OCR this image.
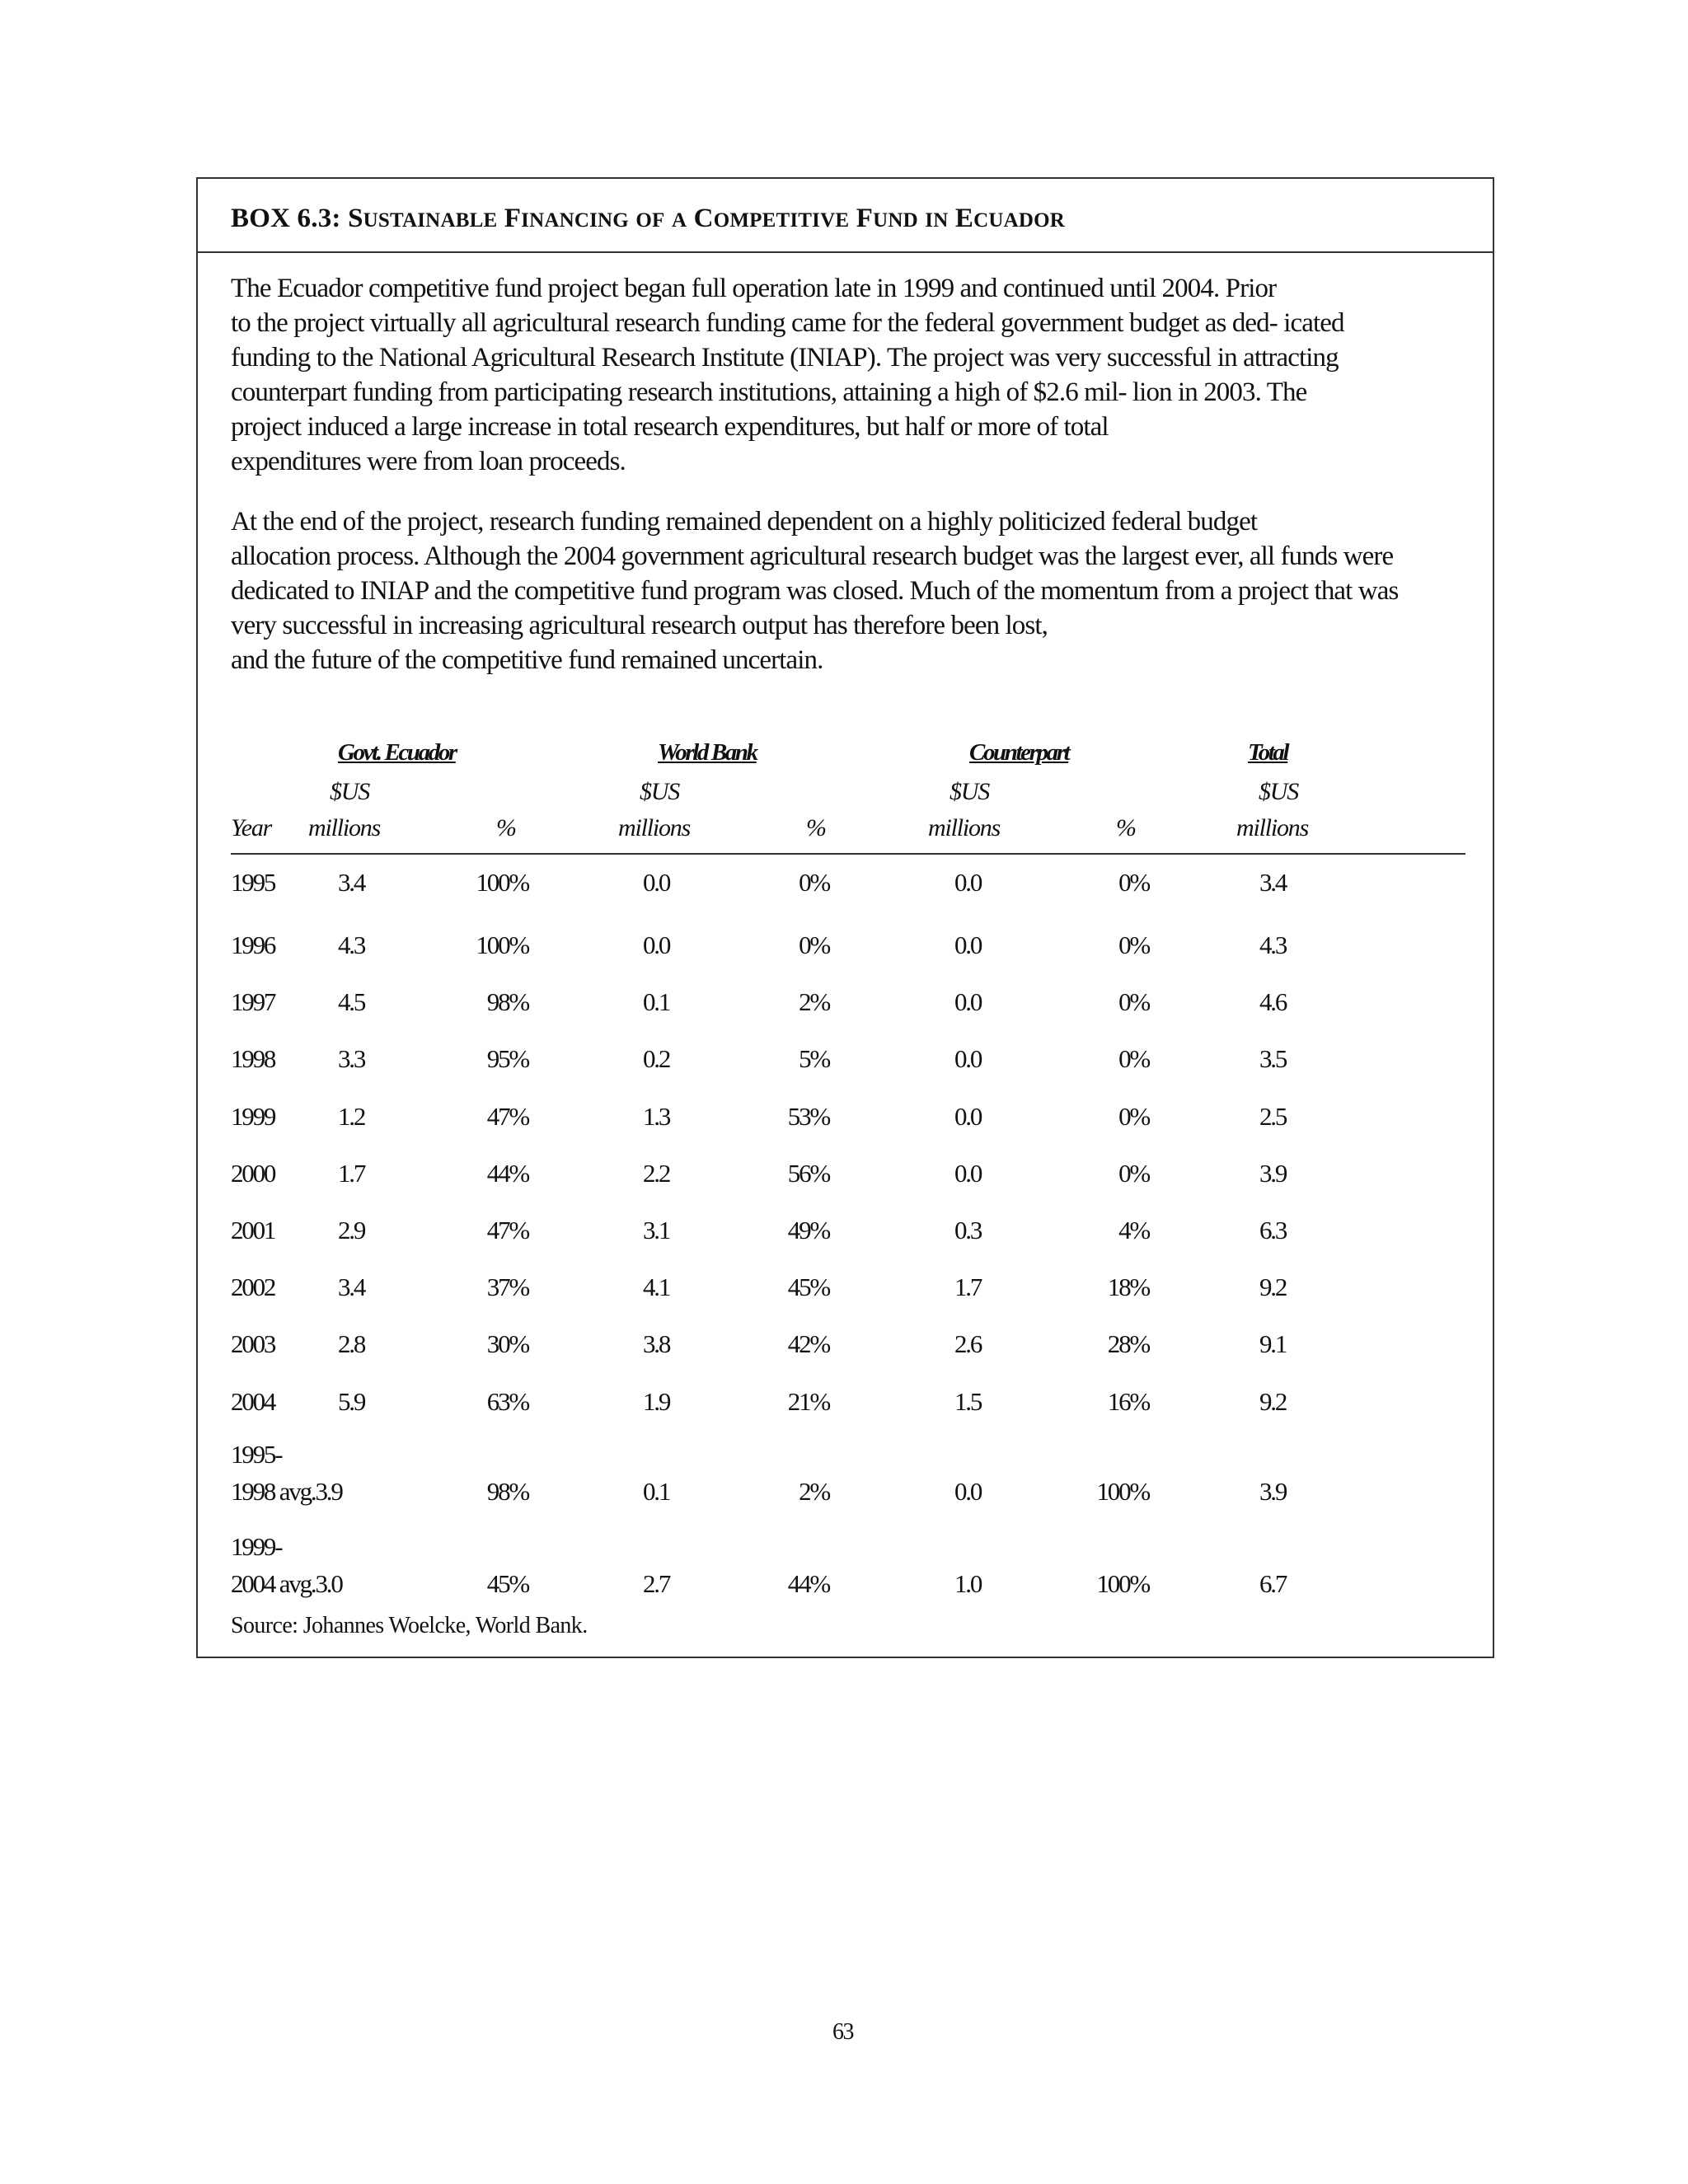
BOX 6.3: SUSTAINABLE FINANCING OF A COMPETITIVE FUND IN ECUADOR
The Ecuador competitive fund project began full operation late in 1999 and continued until 2004. Prior
to the project virtually all agricultural research funding came for the federal government budget as ded- icated
funding to the National Agricultural Research Institute (INIAP). The project was very successful in attracting
counterpart funding from participating research institutions, attaining a high of $2.6 mil- lion in 2003. The
project induced a large increase in total research expenditures, but half or more of total
expenditures were from loan proceeds.
At the end of the project, research funding remained dependent on a highly politicized federal budget
allocation process. Although the 2004 government agricultural research budget was the largest ever, all funds were
dedicated to INIAP and the competitive fund program was closed. Much of the momentum from a project that was
very successful in increasing agricultural research output has therefore been lost,
and the future of the competitive fund remained uncertain.
Govt. Ecuador	World Bank	Counterpart	Total
$US	$US	$US	$US
Year millions	%	millions	%	millions	%	millions
1995 3.4	100%	0.0	0%	0.0	0%	3.4
1996 4.3	100%	0.0	0%	0.0	0%	4.3
1997 4.5	98%	0.1	2%	0.0	0%	4.6
1998 3.3	95%	0.2	5%	0.0	0%	3.5
1999 1.2	47%	1.3	53%	0.0	0%	2.5
2000 1.7	44%	2.2	56%	0.0	0%	3.9
2001 2.9	47%	3.1	49%	0.3	4%	6.3
2002 3.4	37%	4.1	45%	1.7	18%	9.2
2003 2.8	30%	3.8	42%	2.6	28%	9.1
2004 5.9	63%	1.9	21%	1.5	16%	9.2
1995-
1998 avg.3.9	98%	0.1	2%	0.0	100%	3.9
1999-
2004 avg.3.0	45%	2.7	44%	1.0	100%	6.7
Source: Johannes Woelcke, World Bank.
63
